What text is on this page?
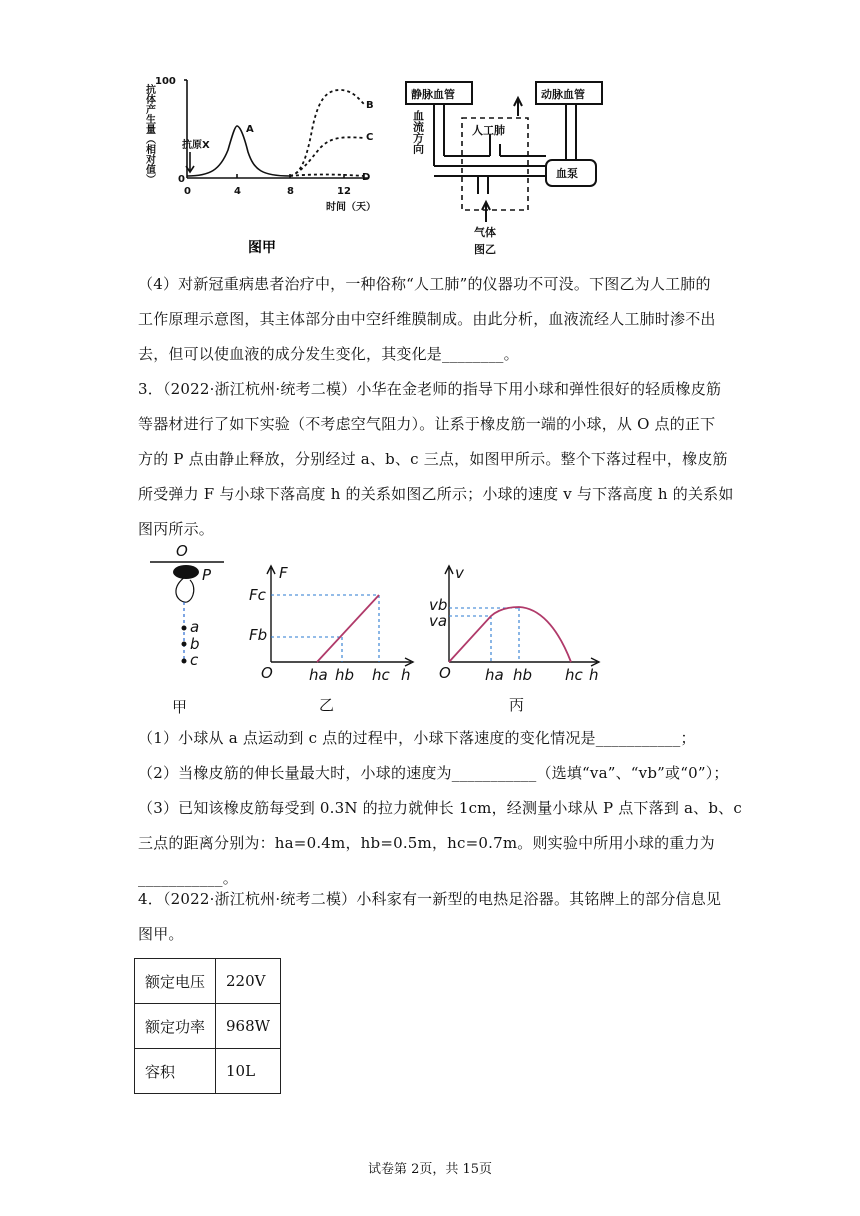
100
0
0	4	8	12
时间（天）
抗原X
A
B
C
D
抗体产生量（相对值）
图甲
静脉血管	动脉血管
人工肺
血泵
气体
图乙
血流方向
（4）对新冠重病患者治疗中，一种俗称“人工肺”的仪器功不可没。下图乙为人工肺的
工作原理示意图，其主体部分由中空纤维膜制成。由此分析，血液流经人工肺时渗不出
去，但可以使血液的成分发生变化，其变化是________。
3．（2022·浙江杭州·统考二模）小华在金老师的指导下用小球和弹性很好的轻质橡皮筋
等器材进行了如下实验（不考虑空气阻力）。让系于橡皮筋一端的小球，从 O 点的正下
方的 P 点由静止释放，分别经过 a、b、c 三点，如图甲所示。整个下落过程中，橡皮筋
所受弹力 F 与小球下落高度 h 的关系如图乙所示；小球的速度 v 与下落高度 h 的关系如
图丙所示。
O
P
a
b
c
甲
F
Fc
Fb
O ha hb hc h
乙
v
vb
va
O ha hb hc h
丙
（1）小球从 a 点运动到 c 点的过程中，小球下落速度的变化情况是___________；
（2）当橡皮筋的伸长量最大时，小球的速度为___________（选填“va”、“vb”或“0”）；
（3）已知该橡皮筋每受到 0.3N 的拉力就伸长 1cm，经测量小球从 P 点下落到 a、b、c
三点的距离分别为：ha=0.4m，hb=0.5m，hc=0.7m。则实验中所用小球的重力为
___________。
4．（2022·浙江杭州·统考二模）小科家有一新型的电热足浴器。其铭牌上的部分信息见
图甲。
额定电压	220V
额定功率	968W
容积	10L
试卷第 2页，共 15页
